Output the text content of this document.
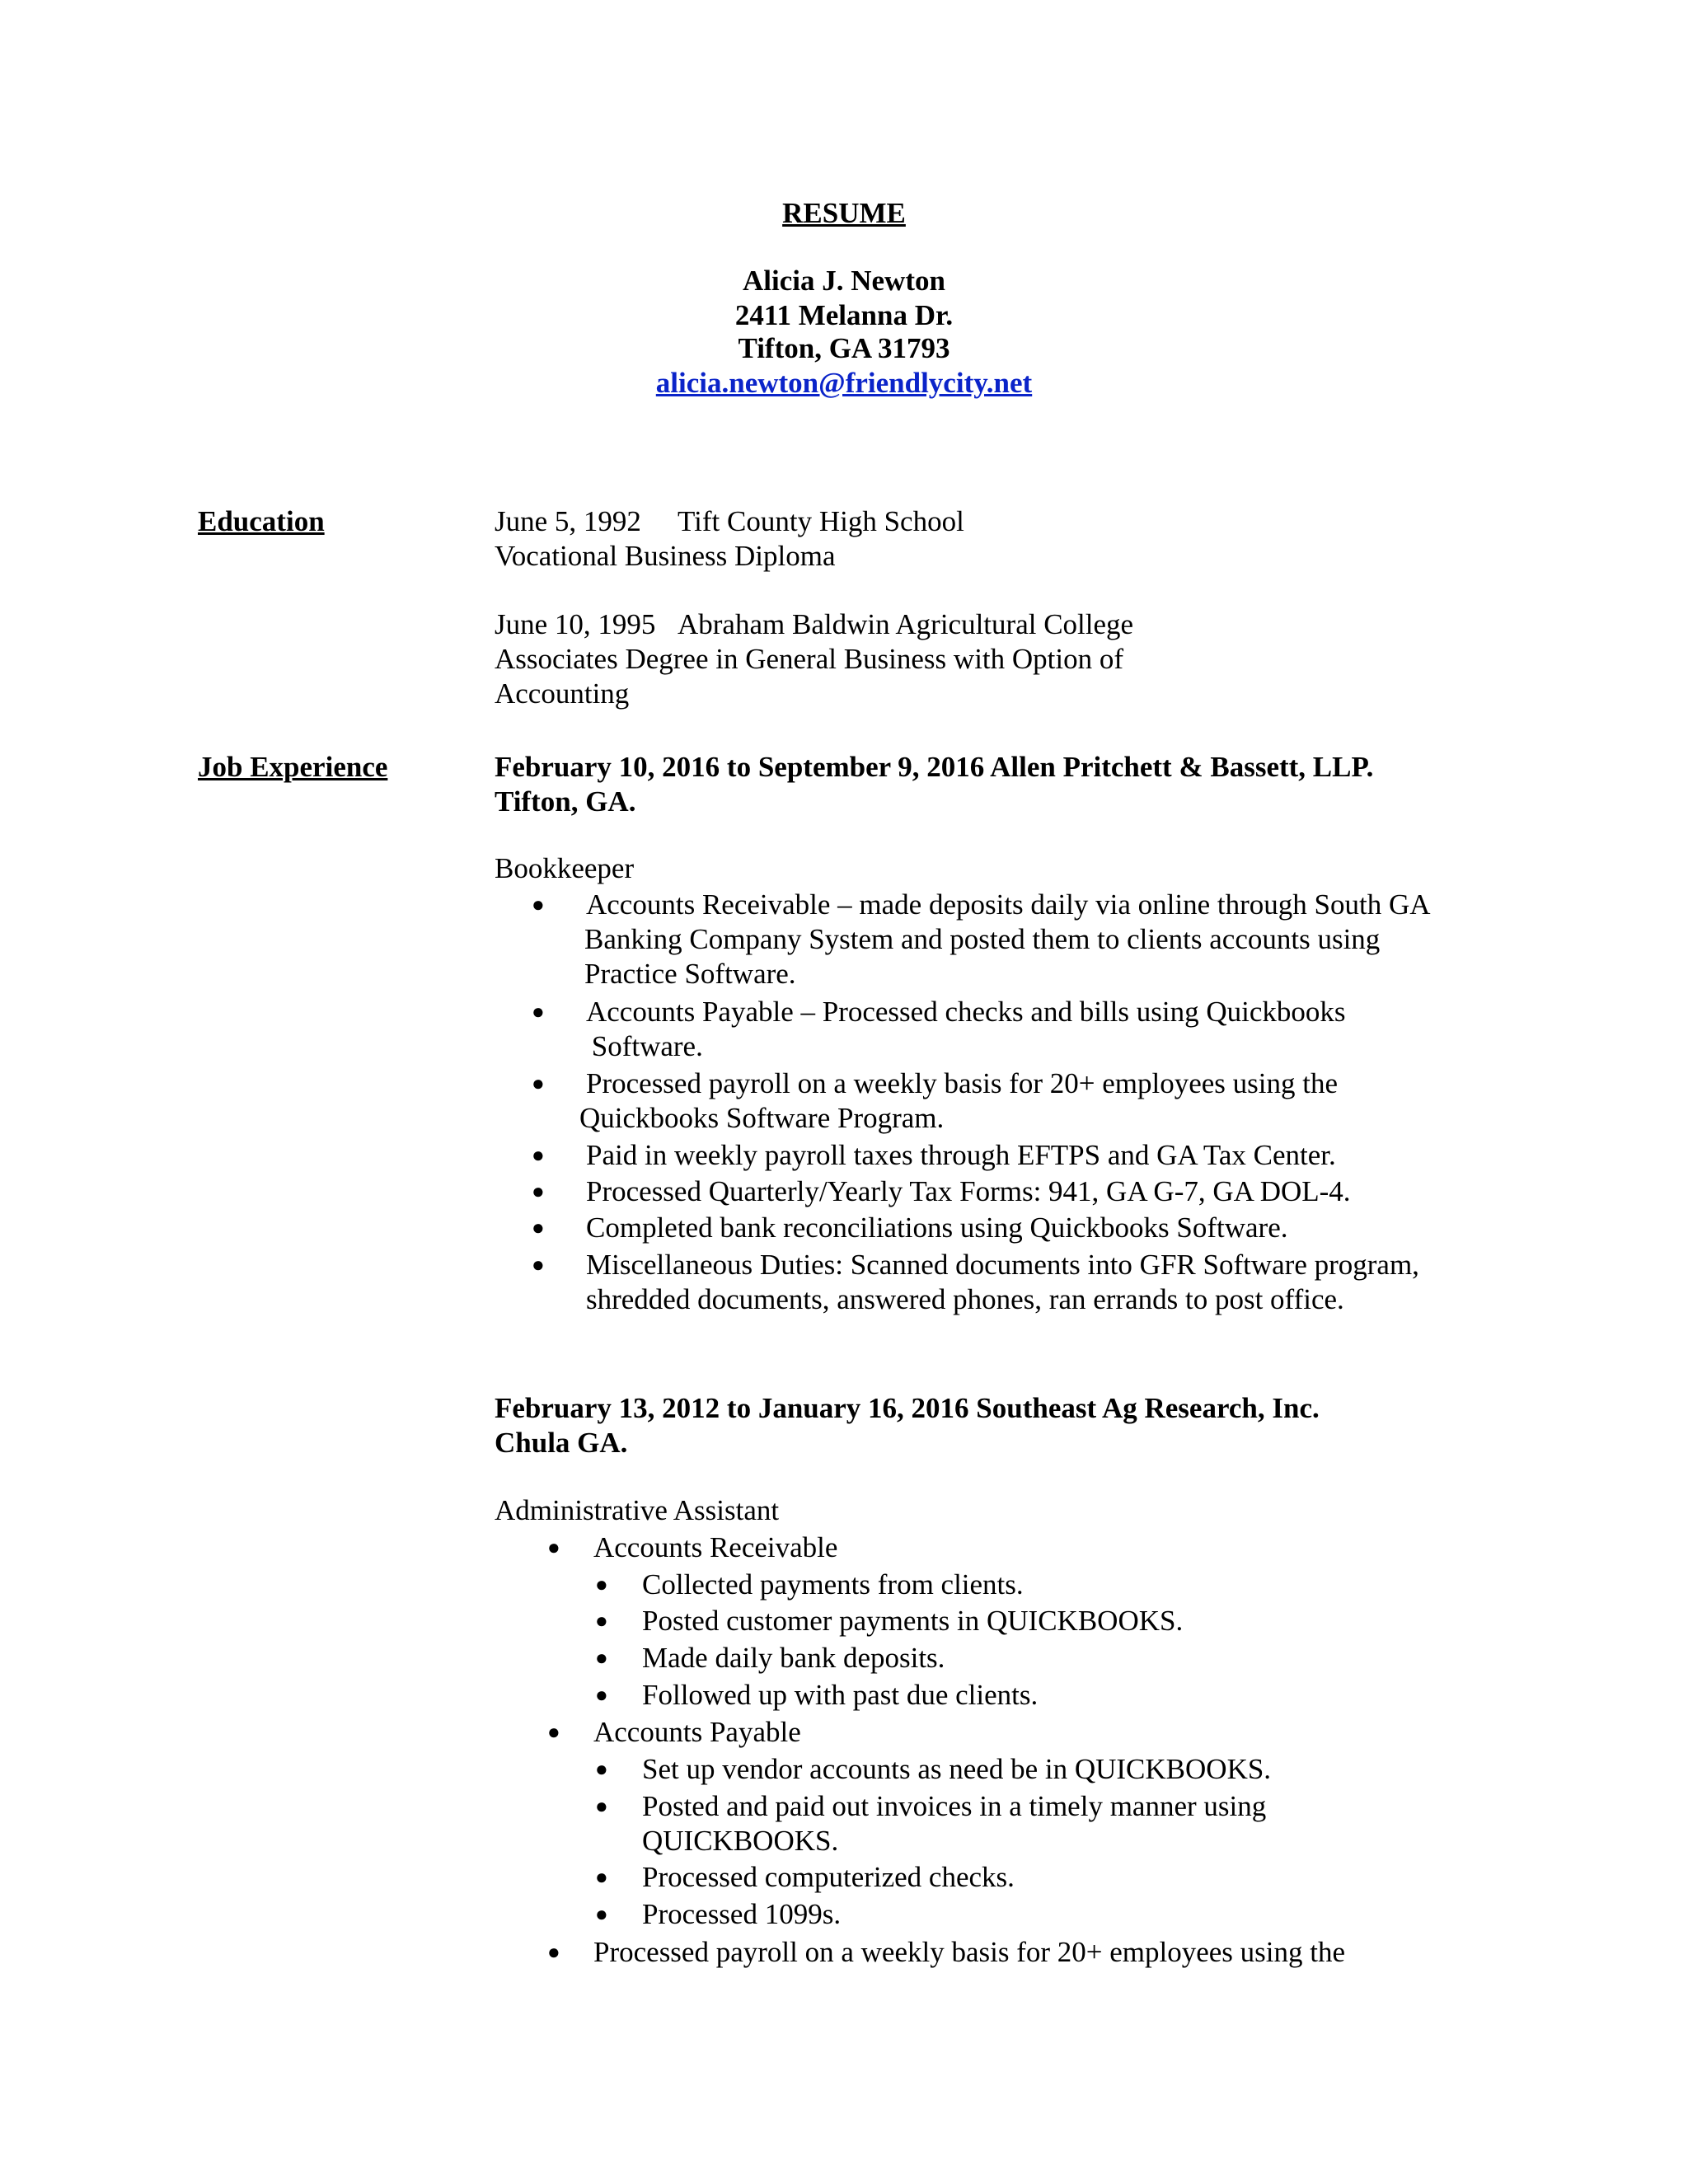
RESUME
Alicia J. Newton
2411 Melanna Dr.
Tifton, GA 31793
alicia.newton@friendlycity.net
Education	June 5, 1992 Tift County High School
Vocational Business Diploma
June 10, 1995 Abraham Baldwin Agricultural College
Associates Degree in General Business with Option of
Accounting
Job Experience	February 10, 2016 to September 9, 2016 Allen Pritchett & Bassett, LLP.
Tifton, GA.
Bookkeeper
● Accounts Receivable – made deposits daily via online through South GA
Banking Company System and posted them to clients accounts using
Practice Software.
● Accounts Payable – Processed checks and bills using Quickbooks
Software.
● Processed payroll on a weekly basis for 20+ employees using the
Quickbooks Software Program.
● Paid in weekly payroll taxes through EFTPS and GA Tax Center.
● Processed Quarterly/Yearly Tax Forms: 941, GA G-7, GA DOL-4.
● Completed bank reconciliations using Quickbooks Software.
● Miscellaneous Duties: Scanned documents into GFR Software program,
shredded documents, answered phones, ran errands to post office.
February 13, 2012 to January 16, 2016 Southeast Ag Research, Inc.
Chula GA.
Administrative Assistant
● Accounts Receivable
● Collected payments from clients.
● Posted customer payments in QUICKBOOKS.
● Made daily bank deposits.
● Followed up with past due clients.
● Accounts Payable
● Set up vendor accounts as need be in QUICKBOOKS.
● Posted and paid out invoices in a timely manner using
QUICKBOOKS.
● Processed computerized checks.
● Processed 1099s.
● Processed payroll on a weekly basis for 20+ employees using the
